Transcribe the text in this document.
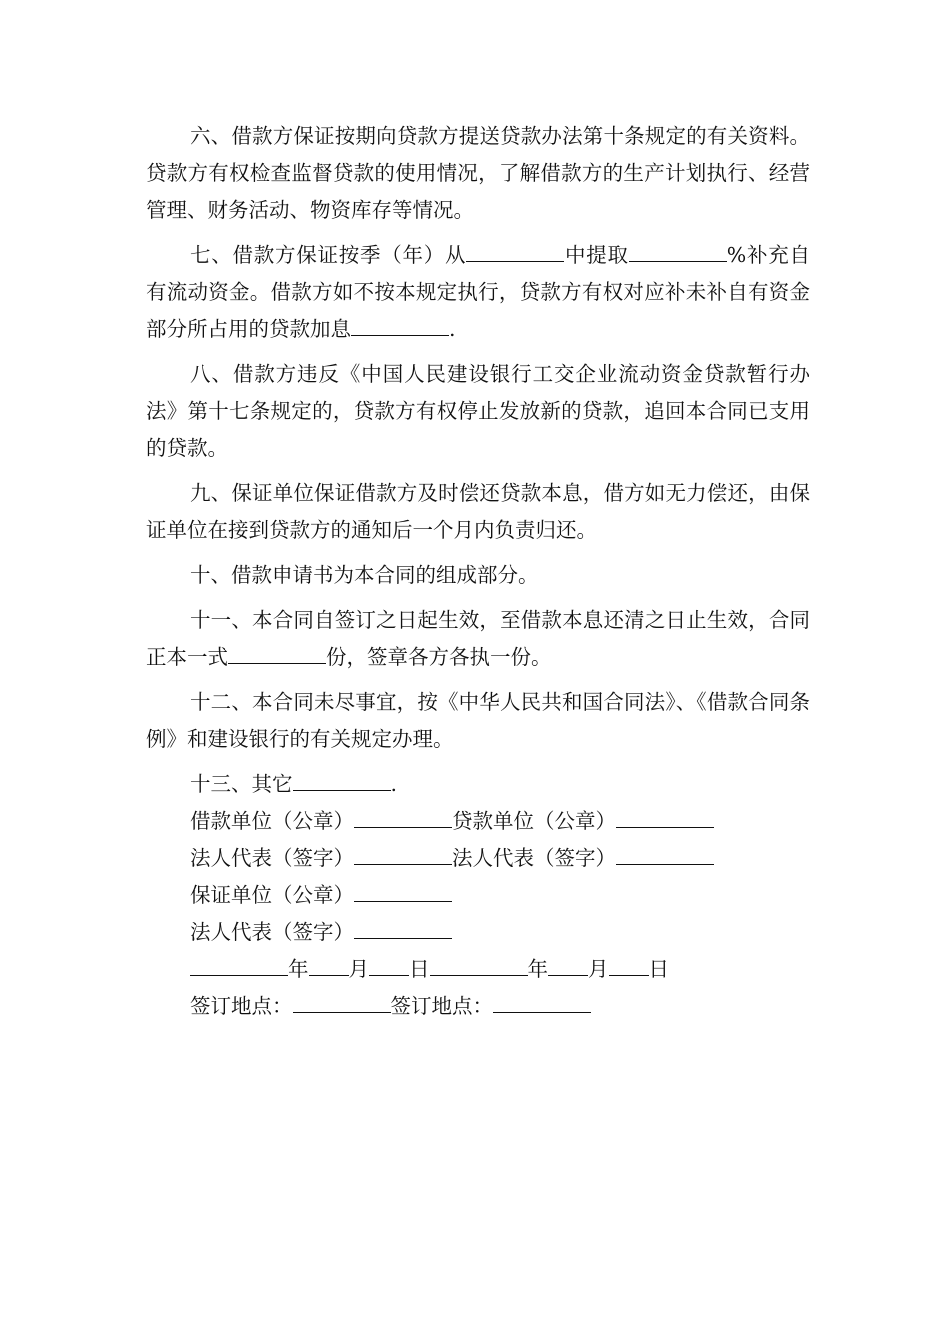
六、借款方保证按期向贷款方提送贷款办法第十条规定的有关资料。贷款方有权检查监督贷款的使用情况，了解借款方的生产计划执行、经营管理、财务活动、物资库存等情况。

七、借款方保证按季（年）从	中提取	%补充自有流动资金。借款方如不按本规定执行，贷款方有权对应补未补自有资金部分所占用的贷款加息	.

八、借款方违反《中国人民建设银行工交企业流动资金贷款暂行办法》第十七条规定的，贷款方有权停止发放新的贷款，追回本合同已支用的贷款。

九、保证单位保证借款方及时偿还贷款本息，借方如无力偿还，由保证单位在接到贷款方的通知后一个月内负责归还。

十、借款申请书为本合同的组成部分。

十一、本合同自签订之日起生效，至借款本息还清之日止生效，合同正本一式	份，签章各方各执一份。

十二、本合同未尽事宜，按《中华人民共和国合同法》、《借款合同条例》和建设银行的有关规定办理。

十三、其它	.
借款单位（公章）	贷款单位（公章）
法人代表（签字）	法人代表（签字）
保证单位（公章）
法人代表（签字）
年 月 日	年 月 日
签订地点：	签订地点：
